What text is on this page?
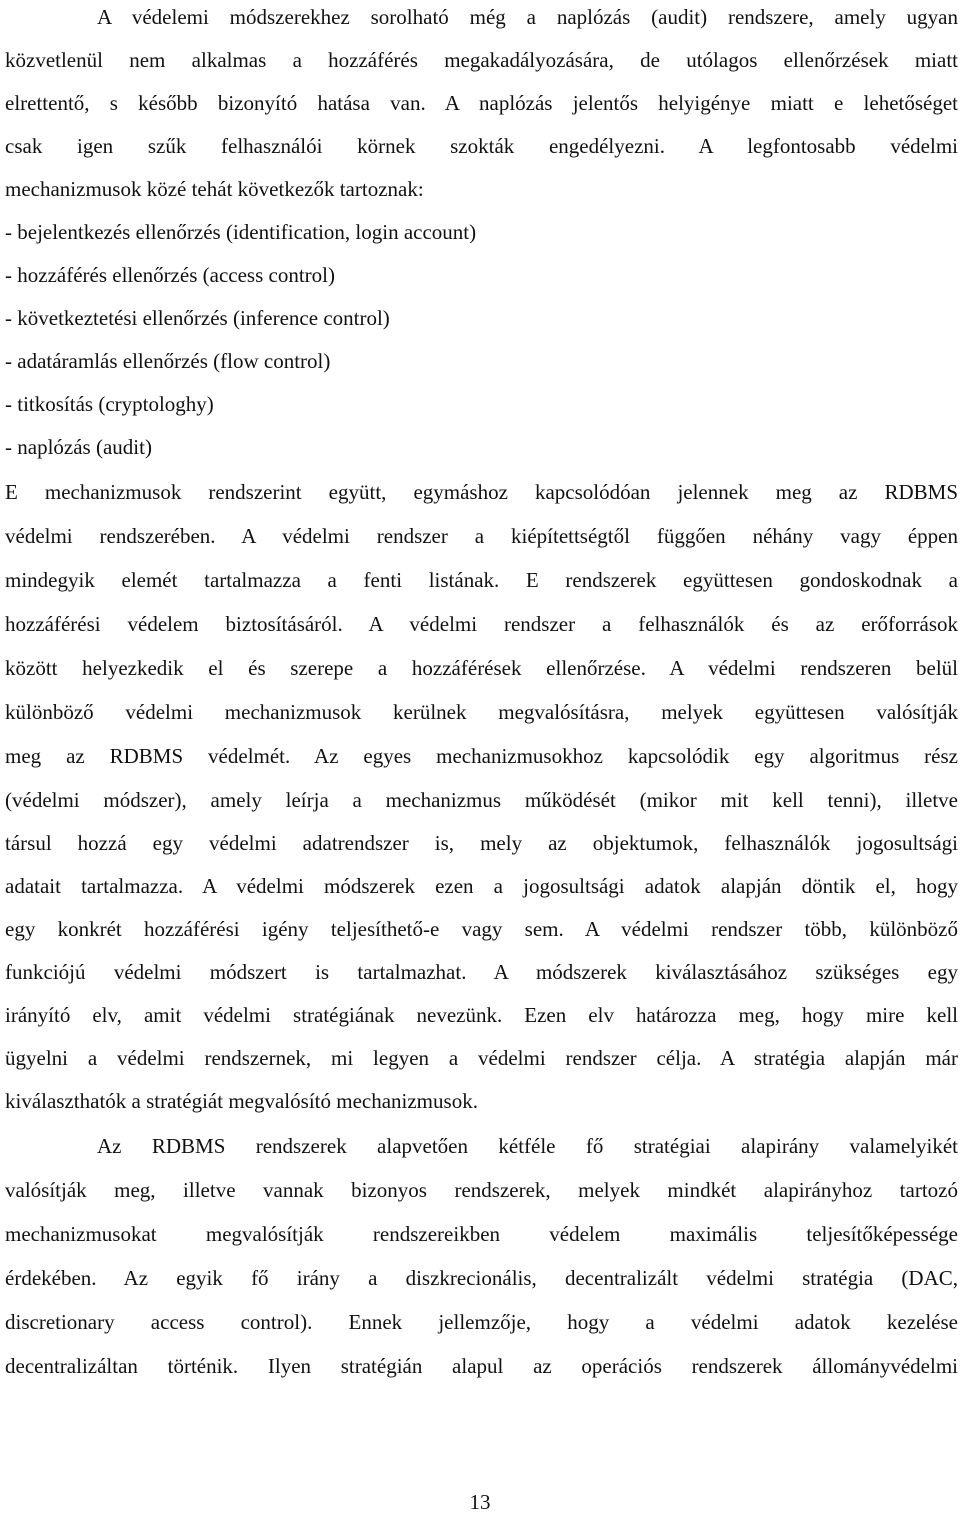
A védelemi módszerekhez sorolható még a naplózás (audit) rendszere, amely ugyan
közvetlenül nem alkalmas a hozzáférés megakadályozására, de utólagos ellenőrzések miatt
elrettentő, s később bizonyító hatása van. A naplózás jelentős helyigénye miatt e lehetőséget
csak igen szűk felhasználói körnek szokták engedélyezni. A legfontosabb védelmi
mechanizmusok közé tehát következők tartoznak:
- bejelentkezés ellenőrzés (identification, login account)
- hozzáférés ellenőrzés (access control)
- következtetési ellenőrzés (inference control)
- adatáramlás ellenőrzés (flow control)
- titkosítás (cryptologhy)
- naplózás (audit)
E mechanizmusok rendszerint együtt, egymáshoz kapcsolódóan jelennek meg az RDBMS
védelmi rendszerében. A védelmi rendszer a kiépítettségtől függően néhány vagy éppen
mindegyik elemét tartalmazza a fenti listának. E rendszerek együttesen gondoskodnak a
hozzáférési védelem biztosításáról. A védelmi rendszer a felhasználók és az erőforrások
között helyezkedik el és szerepe a hozzáférések ellenőrzése. A védelmi rendszeren belül
különböző védelmi mechanizmusok kerülnek megvalósításra, melyek együttesen valósítják
meg az RDBMS védelmét. Az egyes mechanizmusokhoz kapcsolódik egy algoritmus rész
(védelmi módszer), amely leírja a mechanizmus működését (mikor mit kell tenni), illetve
társul hozzá egy védelmi adatrendszer is, mely az objektumok, felhasználók jogosultsági
adatait tartalmazza. A védelmi módszerek ezen a jogosultsági adatok alapján döntik el, hogy
egy konkrét hozzáférési igény teljesíthető-e vagy sem. A védelmi rendszer több, különböző
funkciójú védelmi módszert is tartalmazhat. A módszerek kiválasztásához szükséges egy
irányító elv, amit védelmi stratégiának nevezünk. Ezen elv határozza meg, hogy mire kell
ügyelni a védelmi rendszernek, mi legyen a védelmi rendszer célja. A stratégia alapján már
kiválaszthatók a stratégiát megvalósító mechanizmusok.
Az RDBMS rendszerek alapvetően kétféle fő stratégiai alapirány valamelyikét
valósítják meg, illetve vannak bizonyos rendszerek, melyek mindkét alapirányhoz tartozó
mechanizmusokat megvalósítják rendszereikben védelem maximális teljesítőképessége
érdekében. Az egyik fő irány a diszkrecionális, decentralizált védelmi stratégia (DAC,
discretionary access control). Ennek jellemzője, hogy a védelmi adatok kezelése
decentralizáltan történik. Ilyen stratégián alapul az operációs rendszerek állományvédelmi
13
